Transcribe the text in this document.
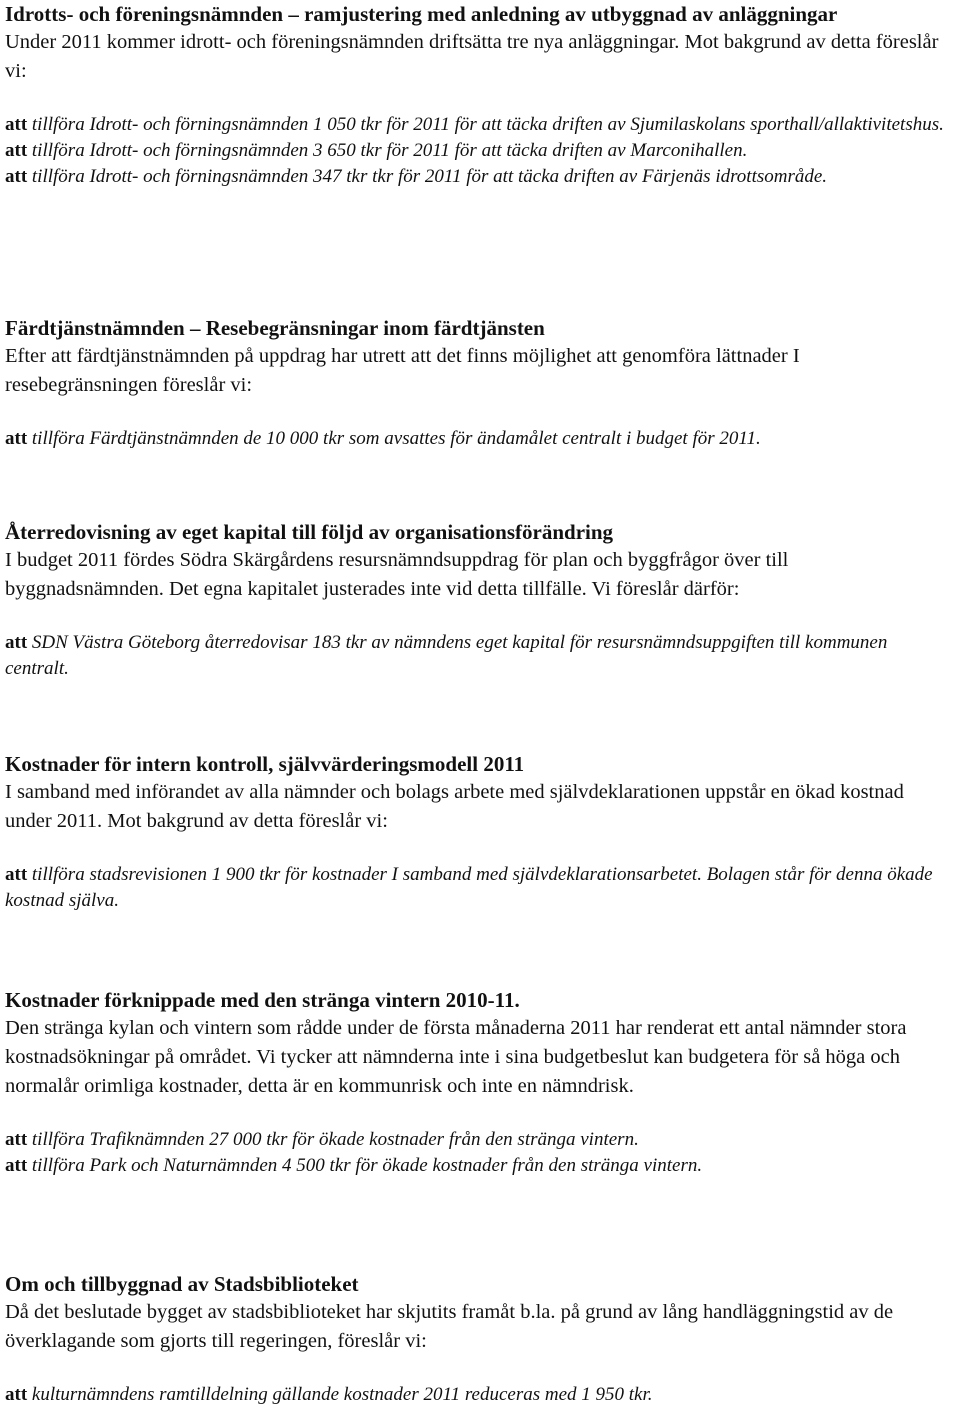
Idrotts- och föreningsnämnden – ramjustering med anledning av utbyggnad av anläggningar
Under 2011 kommer idrott- och föreningsnämnden driftsätta tre nya anläggningar. Mot bakgrund av detta föreslår vi:
att tillföra Idrott- och förningsnämnden 1 050 tkr för 2011 för att täcka driften av Sjumilaskolans sporthall/allaktivitetshus.
att tillföra Idrott- och förningsnämnden 3 650 tkr för 2011 för att täcka driften av Marconihallen.
att tillföra Idrott- och förningsnämnden 347 tkr tkr för 2011 för att täcka driften av Färjenäs idrottsområde.
Färdtjänstnämnden – Resebegränsningar inom färdtjänsten
Efter att färdtjänstnämnden på uppdrag har utrett att det finns möjlighet att genomföra lättnader I resebegränsningen föreslår vi:
att tillföra Färdtjänstnämnden de 10 000 tkr som avsattes för ändamålet centralt i budget för 2011.
Återredovisning av eget kapital till följd av organisationsförändring
I budget 2011 fördes Södra Skärgårdens resursnämndsuppdrag för plan och byggfrågor över till byggnadsnämnden. Det egna kapitalet justerades inte vid detta tillfälle. Vi föreslår därför:
att SDN Västra Göteborg återredovisar 183 tkr av nämndens eget kapital för resursnämndsuppgiften till kommunen centralt.
Kostnader för intern kontroll, självvärderingsmodell 2011
I samband med införandet av alla nämnder och bolags arbete med självdeklarationen uppstår en ökad kostnad under 2011. Mot bakgrund av detta föreslår vi:
att tillföra stadsrevisionen 1 900 tkr för kostnader I samband med självdeklarationsarbetet. Bolagen står för denna ökade kostnad själva.
Kostnader förknippade med den stränga vintern 2010-11.
Den stränga kylan och vintern som rådde under de första månaderna 2011 har renderat ett antal nämnder stora kostnadsökningar på området. Vi tycker att nämnderna inte i sina budgetbeslut kan budgetera för så höga och normalår orimliga kostnader, detta är en kommunrisk och inte en nämndrisk.
att tillföra Trafiknämnden 27 000 tkr för ökade kostnader från den stränga vintern.
att tillföra Park och Naturnämnden 4 500 tkr för ökade kostnader från den stränga vintern.
Om och tillbyggnad av Stadsbiblioteket
Då det beslutade bygget av stadsbiblioteket har skjutits framåt b.la. på grund av lång handläggningstid av de överklagande som gjorts till regeringen, föreslår vi:
att kulturnämndens ramtilldelning gällande kostnader 2011 reduceras med 1 950 tkr.
